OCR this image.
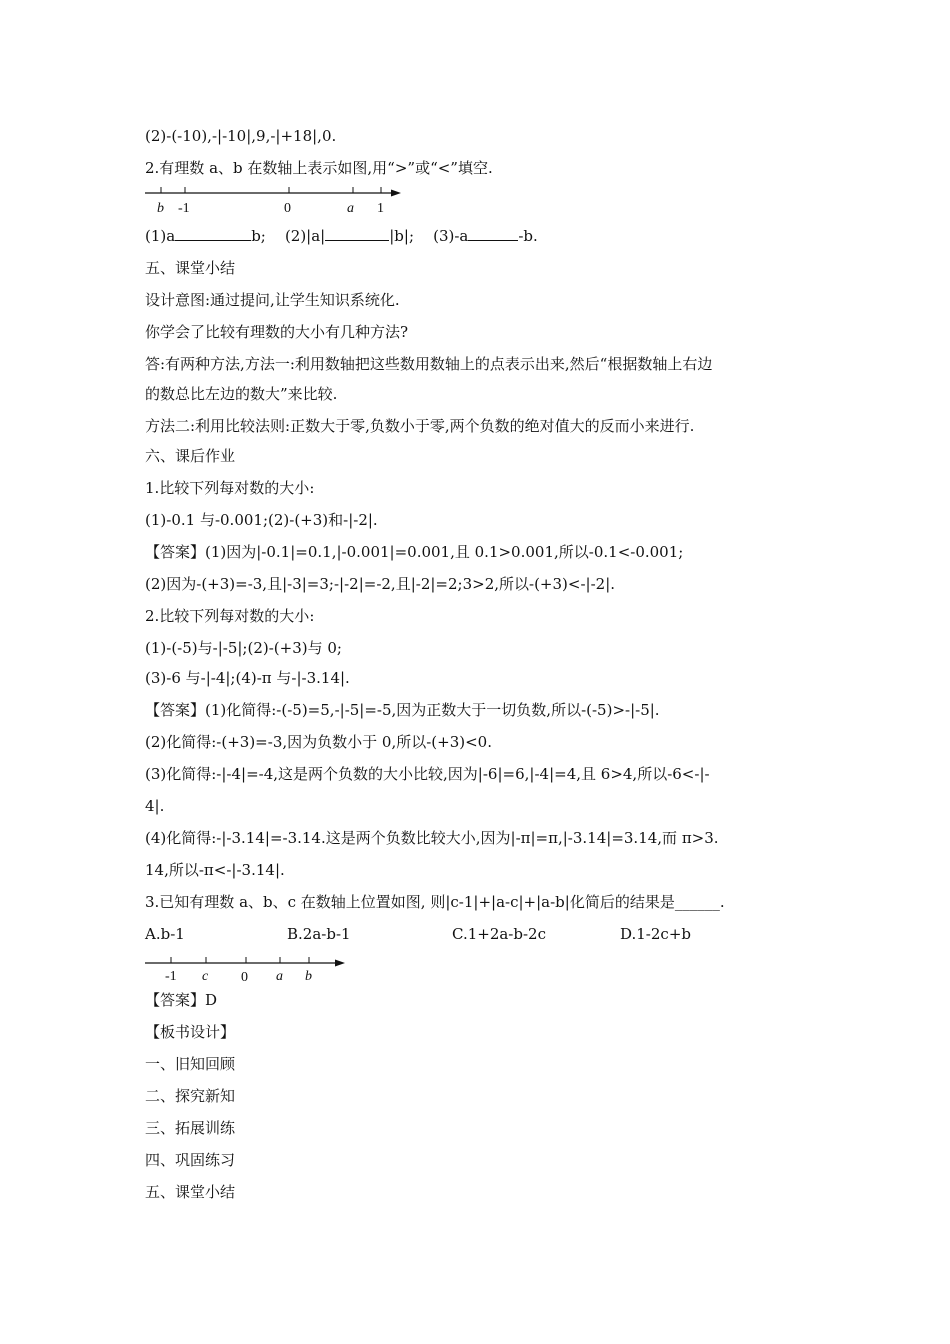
(2)-(-10),-|-10|,9,-|+18|,0.
2.有理数 a、b 在数轴上表示如图,用“>”或“<”填空.
b -1	0	a 1
(1)a	b; (2)|a|	|b|; (3)-a	-b.
五、课堂小结
设计意图:通过提问,让学生知识系统化.
你学会了比较有理数的大小有几种方法?
答:有两种方法,方法一:利用数轴把这些数用数轴上的点表示出来,然后“根据数轴上右边
的数总比左边的数大”来比较.
方法二:利用比较法则:正数大于零,负数小于零,两个负数的绝对值大的反而小来进行.
六、课后作业
1.比较下列每对数的大小:
(1)-0.1 与-0.001;(2)-(+3)和-|-2|.
【答案】(1)因为|-0.1|=0.1,|-0.001|=0.001,且 0.1>0.001,所以-0.1<-0.001;
(2)因为-(+3)=-3,且|-3|=3;-|-2|=-2,且|-2|=2;3>2,所以-(+3)<-|-2|.
2.比较下列每对数的大小:
(1)-(-5)与-|-5|;(2)-(+3)与 0;
(3)-6 与-|-4|;(4)-π 与-|-3.14|.
【答案】(1)化简得:-(-5)=5,-|-5|=-5,因为正数大于一切负数,所以-(-5)>-|-5|.
(2)化简得:-(+3)=-3,因为负数小于 0,所以-(+3)<0.
(3)化简得:-|-4|=-4,这是两个负数的大小比较,因为|-6|=6,|-4|=4,且 6>4,所以-6<-|-
4|.
(4)化简得:-|-3.14|=-3.14.这是两个负数比较大小,因为|-π|=π,|-3.14|=3.14,而 π>3.
14,所以-π<-|-3.14|.
3.已知有理数 a、b、c 在数轴上位置如图, 则|c-1|+|a-c|+|a-b|化简后的结果是______.
A.b-1	B.2a-b-1	C.1+2a-b-2c	D.1-2c+b
-1 c 0 a b
【答案】D
【板书设计】
一、旧知回顾
二、探究新知
三、拓展训练
四、巩固练习
五、课堂小结
